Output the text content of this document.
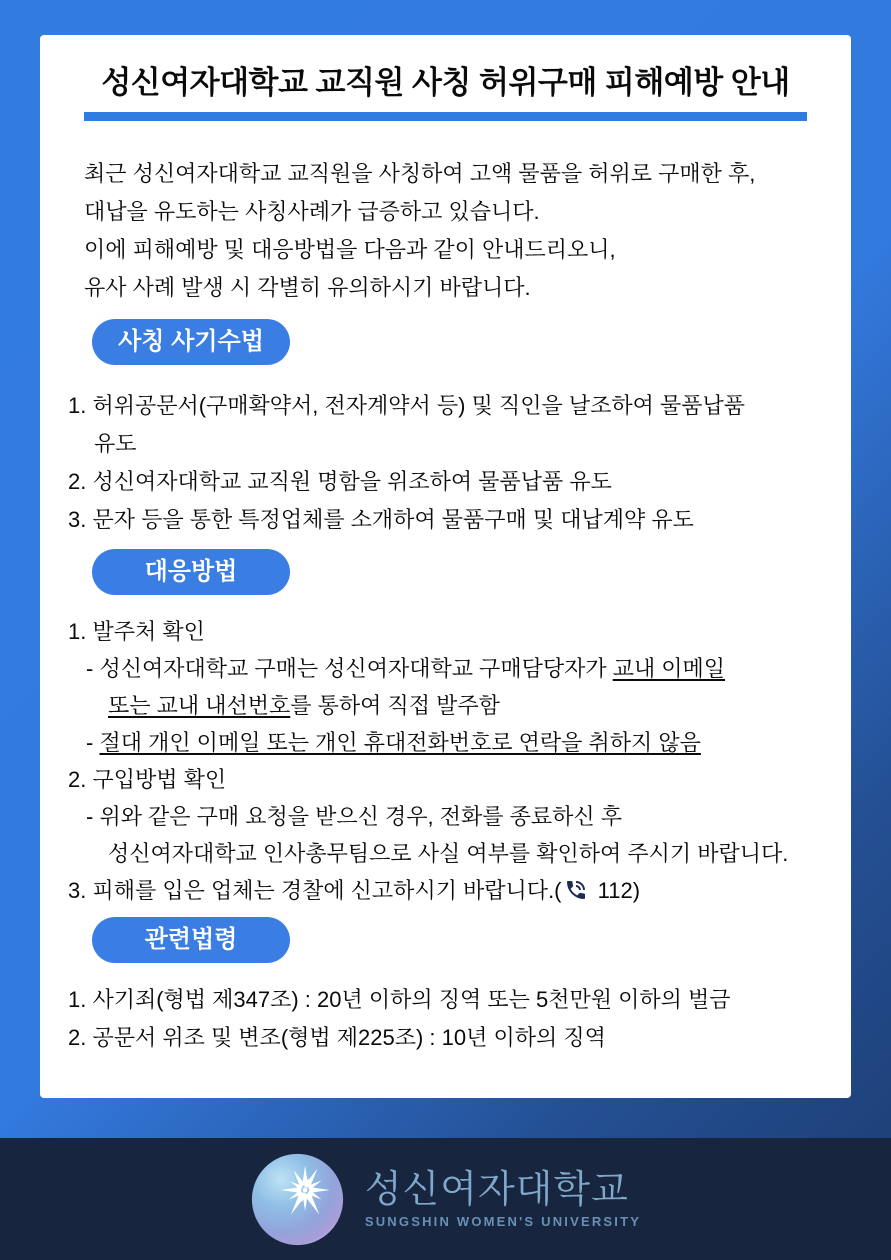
성신여자대학교 교직원 사칭 허위구매 피해예방 안내
최근 성신여자대학교 교직원을 사칭하여 고액 물품을 허위로 구매한 후,
대납을 유도하는 사칭사례가 급증하고 있습니다.
이에 피해예방 및 대응방법을 다음과 같이 안내드리오니,
유사 사례 발생 시 각별히 유의하시기 바랍니다.
사칭 사기수법
1. 허위공문서(구매확약서, 전자계약서 등) 및 직인을 날조하여 물품납품
유도
2. 성신여자대학교 교직원 명함을 위조하여 물품납품 유도
3. 문자 등을 통한 특정업체를 소개하여 물품구매 및 대납계약 유도
대응방법
1. 발주처 확인
- 성신여자대학교 구매는 성신여자대학교 구매담당자가 교내 이메일
또는 교내 내선번호를 통하여 직접 발주함
- 절대 개인 이메일 또는 개인 휴대전화번호로 연락을 취하지 않음
2. 구입방법 확인
- 위와 같은 구매 요청을 받으신 경우, 전화를 종료하신 후
성신여자대학교 인사총무팀으로 사실 여부를 확인하여 주시기 바랍니다.
3. 피해를 입은 업체는 경찰에 신고하시기 바랍니다.( 112)
관련법령
1. 사기죄(형법 제347조) : 20년 이하의 징역 또는 5천만원 이하의 벌금
2. 공문서 위조 및 변조(형법 제225조) : 10년 이하의 징역
성신여자대학교
SUNGSHIN WOMEN'S UNIVERSITY
